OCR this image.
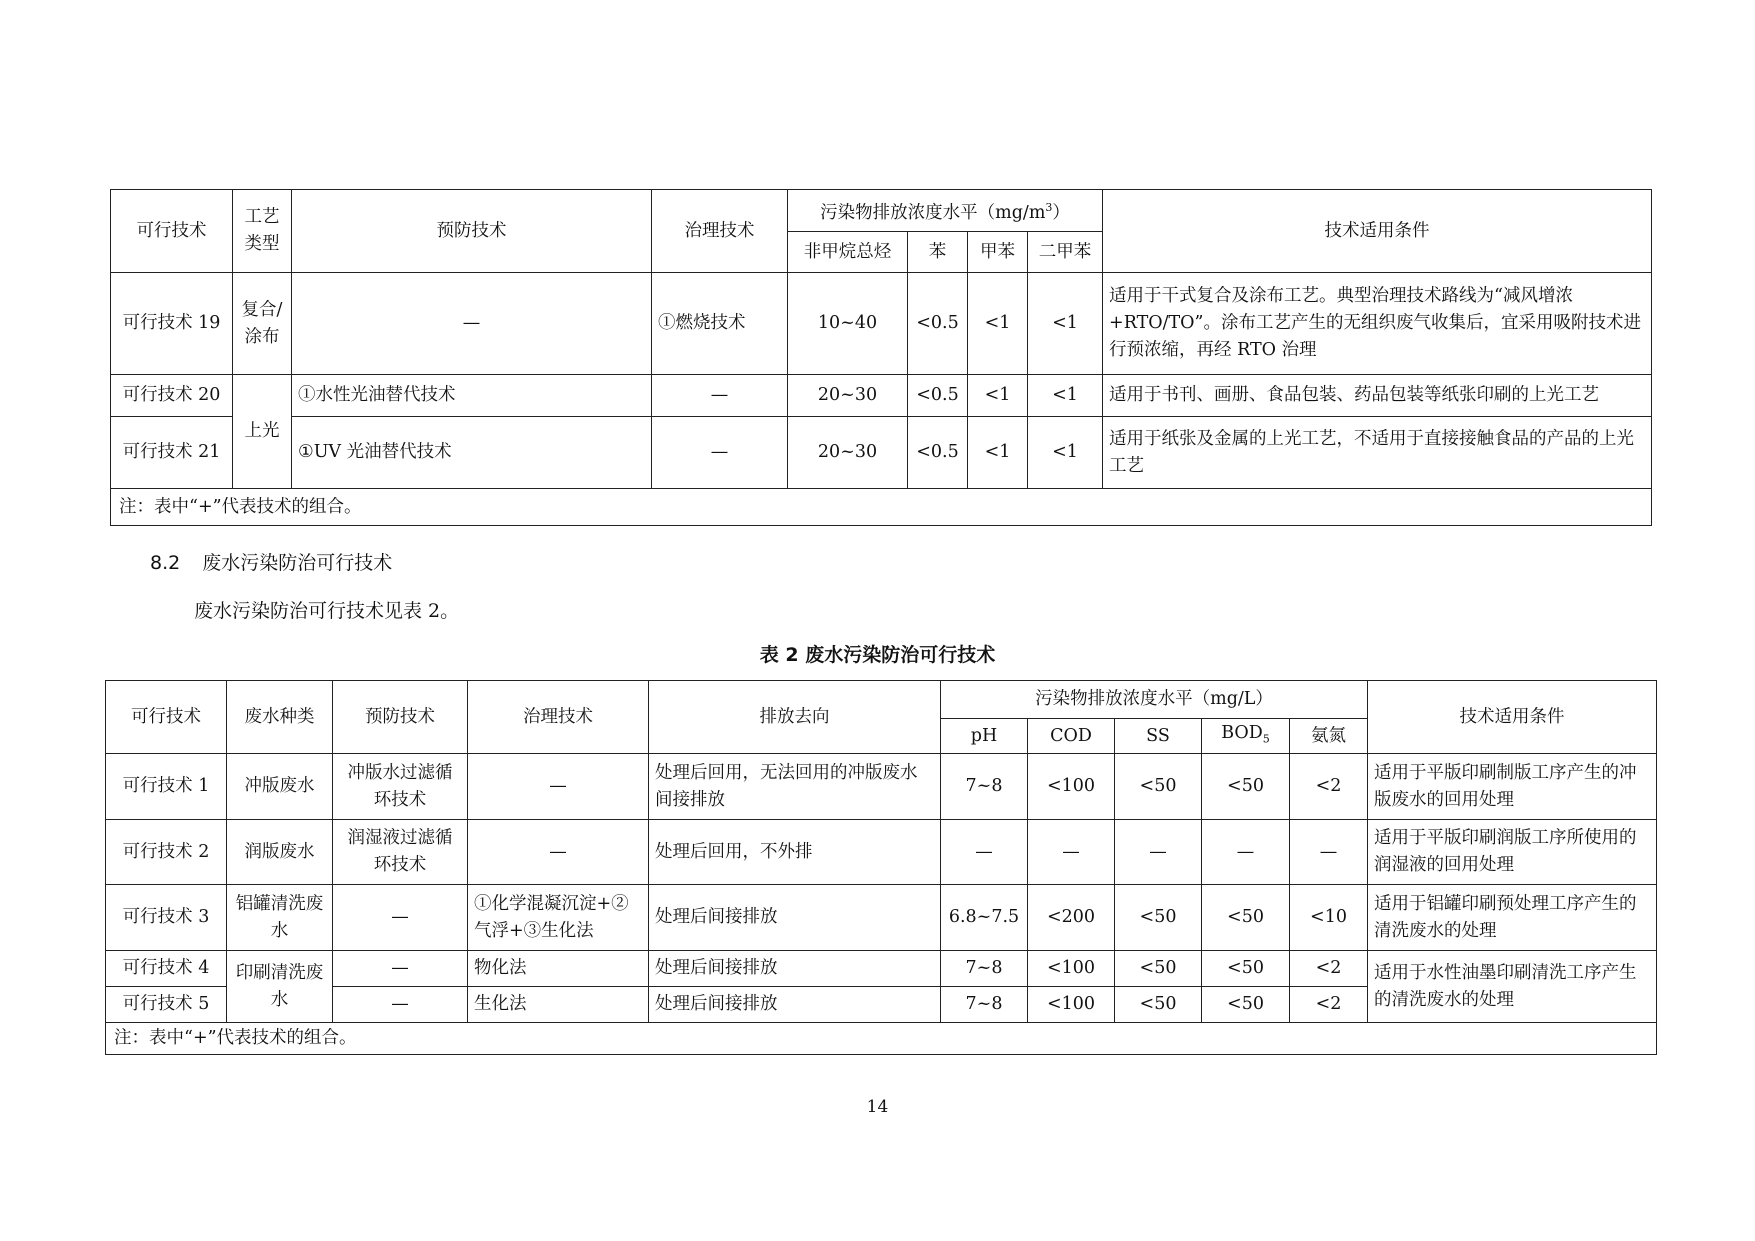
可行技术	工艺类型	预防技术	治理技术	污染物排放浓度水平$(mg/m^3)$				技术适用条件
				非甲烷总烃	苯	甲苯	二甲苯	
可行技术 19	复合/涂布	—	①燃烧技术	10~40	<0.5	<1	<1	适用于干式复合及涂布工艺。典型治理技术路线为“减风增浓+RTO/TO”。涂布工艺产生的无组织废气收集后，宜采用吸附技术进行预浓缩，再经 RTO 治理
可行技术 20	上光	①水性光油替代技术	—	20~30	<0.5	<1	<1	适用于书刊、画册、食品包装、药品包装等纸张印刷的上光工艺
可行技术 21		①UV 光油替代技术	—	20~30	<0.5	<1	<1	适用于纸张及金属的上光工艺，不适用于直接接触食品的产品的上光工艺
注：表中“+”代表技术的组合。								
8.2 废水污染防治可行技术
废水污染防治可行技术见表 2。
表 2 废水污染防治可行技术
可行技术	废水种类	预防技术	治理技术	排放去向	污染物排放浓度水平（mg/L）					技术适用条件
					pH	COD	SS	$BOD_5$	氨氮	
可行技术 1	冲版废水	冲版水过滤循环技术	—	处理后回用，无法回用的冲版废水间接排放	7~8	<100	<50	<50	<2	适用于平版印刷制版工序产生的冲版废水的回用处理
可行技术 2	润版废水	润湿液过滤循环技术	—	处理后回用，不外排	—	—	—	—	—	适用于平版印刷润版工序所使用的润湿液的回用处理
可行技术 3	铝罐清洗废水	—	①化学混凝沉淀+②气浮+③生化法	处理后间接排放	6.8~7.5	<200	<50	<50	<10	适用于铝罐印刷预处理工序产生的清洗废水的处理
可行技术 4	印刷清洗废水	—	物化法	处理后间接排放	7~8	<100	<50	<50	<2	适用于水性油墨印刷清洗工序产生的清洗废水的处理
可行技术 5		—	生化法	处理后间接排放	7~8	<100	<50	<50	<2	
注：表中“+”代表技术的组合。										
14
